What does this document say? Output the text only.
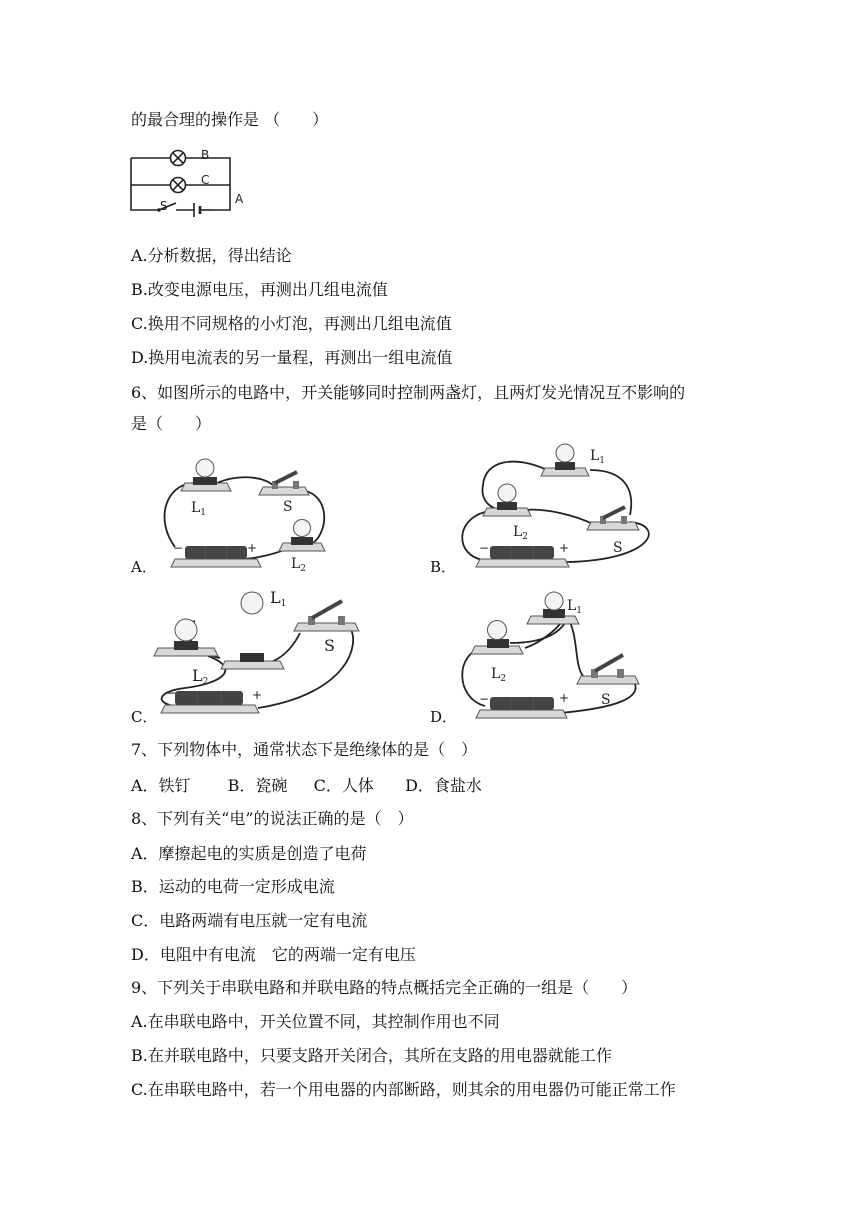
的最合理的操作是 （　　）
B
C
A
S
A.分析数据，得出结论
B.改变电源电压，再测出几组电流值
C.换用不同规格的小灯泡，再测出几组电流值
D.换用电流表的另一量程，再测出一组电流值
6、如图所示的电路中，开关能够同时控制两盏灯，且两灯发光情况互不影响的
是（　　）
A．	B．
C．	D．
$L_1$	S
$L_2$
−	+
$L_1$
$L_2$
S
−	+
L1
L2
S
−	+
$L_1$
$L_2$
S
−	+
7、下列物体中，通常状态下是绝缘体的是（　）
A．铁钉　　 B．瓷碗　  C．人体　   D．食盐水
8、下列有关“电”的说法正确的是（　）
A．摩擦起电的实质是创造了电荷
B．运动的电荷一定形成电流
C．电路两端有电压就一定有电流
D．电阻中有电流　它的两端一定有电压
9、下列关于串联电路和并联电路的特点概括完全正确的一组是（　　）
A.在串联电路中，开关位置不同，其控制作用也不同
B.在并联电路中，只要支路开关闭合，其所在支路的用电器就能工作
C.在串联电路中，若一个用电器的内部断路，则其余的用电器仍可能正常工作
